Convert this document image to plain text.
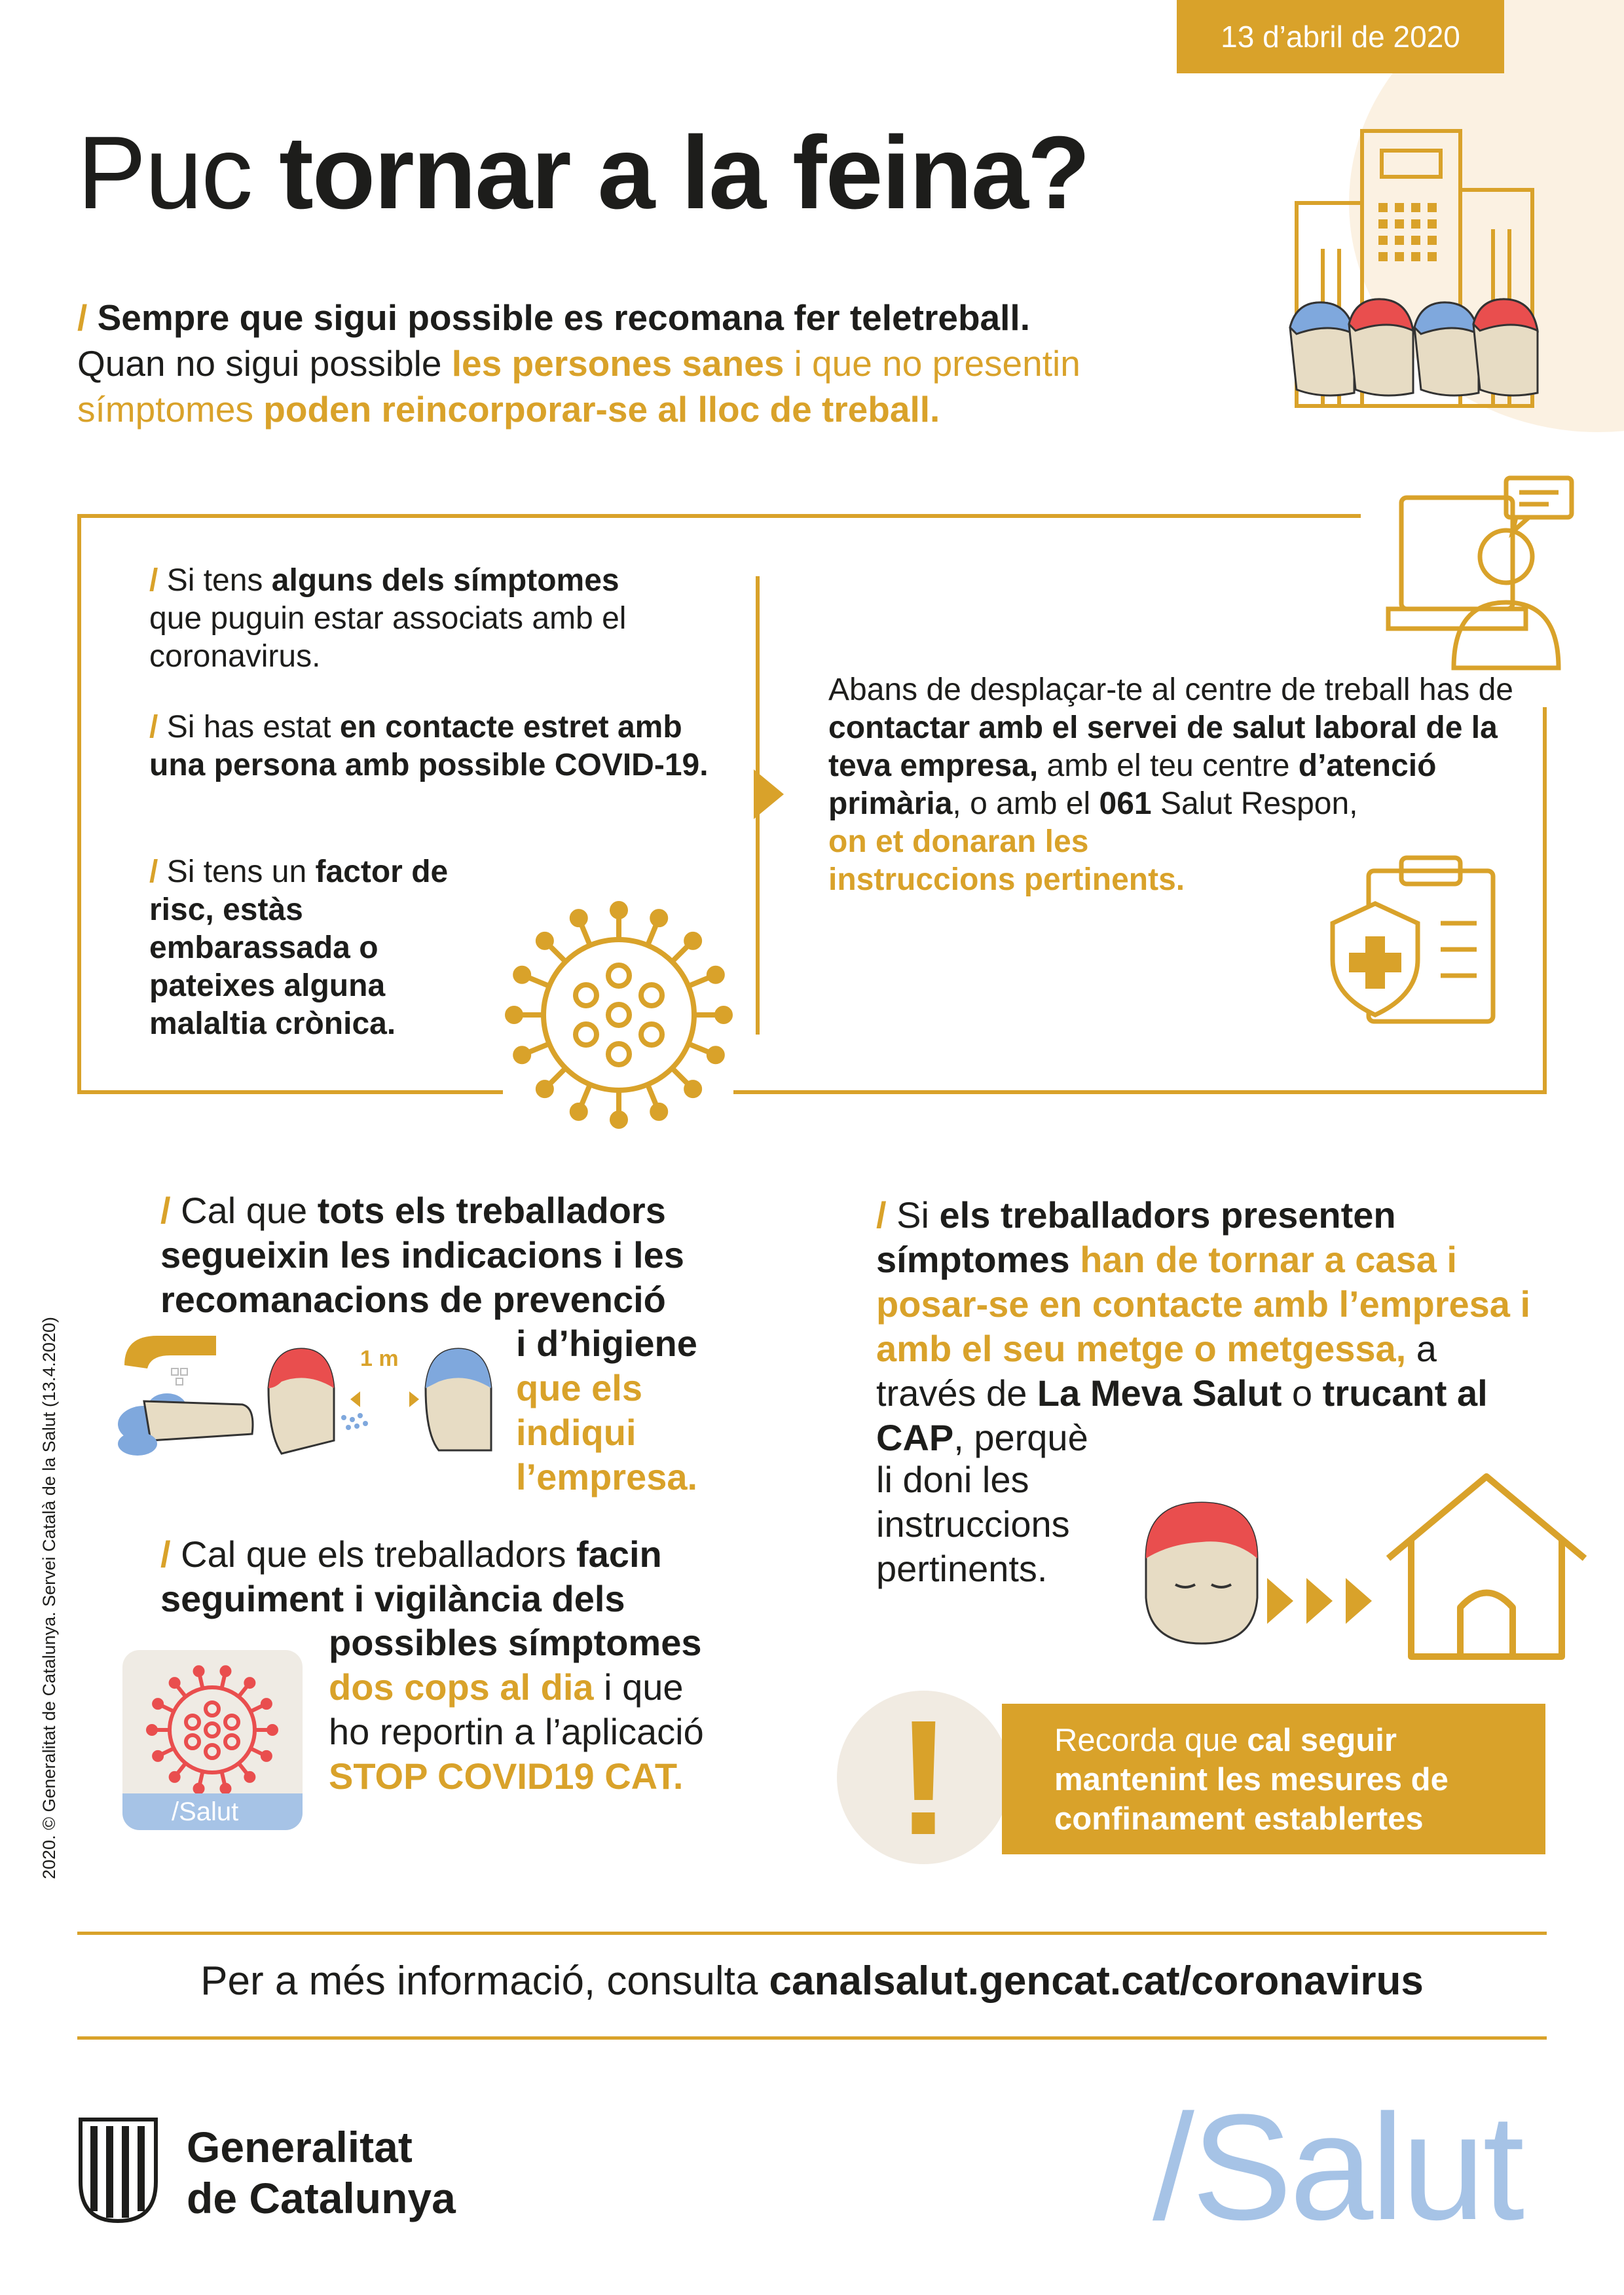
13 d’abril de 2020
Puc tornar a la feina?
/ Sempre que sigui possible es recomana fer teletreball.
Quan no sigui possible les persones sanes i que no presentin
símptomes poden reincorporar-se al lloc de treball.
/ Si tens alguns dels símptomes
que puguin estar associats amb el coronavirus.
/ Si has estat en contacte estret amb una persona amb possible COVID-19.
/ Si tens un factor de risc, estàs embarassada o pateixes alguna malaltia crònica.
Abans de desplaçar-te al centre de treball has de contactar amb el servei de salut laboral de la teva empresa, amb el teu centre d’atenció primària, o amb el 061 Salut Respon,
on et donaran les instruccions pertinents.
/ Cal que tots els treballadors segueixin les indicacions i les recomanacions de prevenció
i d’higiene
que els
indiqui
l’empresa.
1 m
/ Cal que els treballadors facin
seguiment i vigilància dels
possibles símptomes
dos cops al dia i que
ho reportin a l’aplicació
STOP COVID19 CAT.
/Salut
/ Si els treballadors presenten símptomes han de tornar a casa i posar-se en contacte amb l’empresa i amb el seu metge o metgessa, a través de La Meva Salut o trucant al CAP, perquè
li doni les
instruccions
pertinents.
!	Recorda que cal seguir mantenint les mesures de confinament establertes
Per a més informació, consulta canalsalut.gencat.cat/coronavirus
Generalitat
de Catalunya	/Salut
2020. © Generalitat de Catalunya. Servei Català de la Salut (13.4.2020)
